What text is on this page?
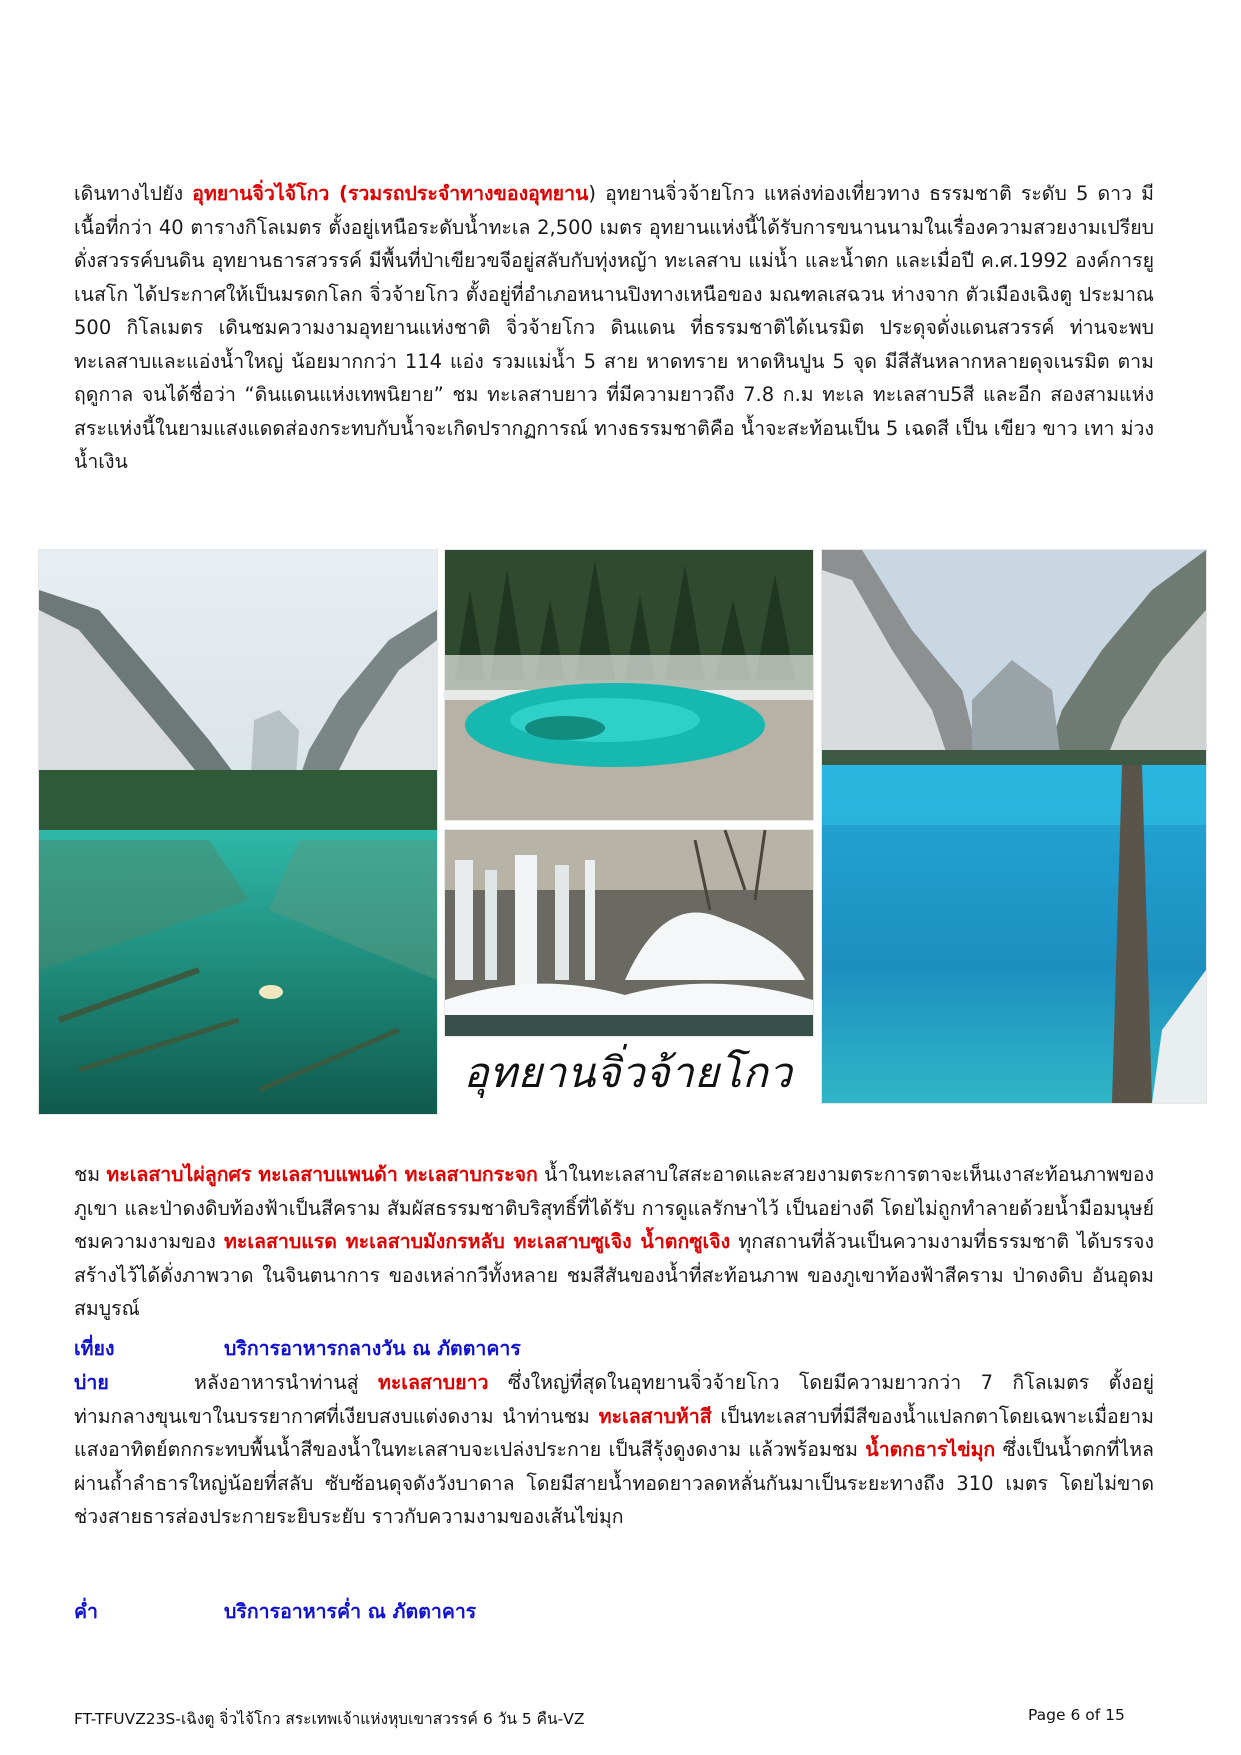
เดินทางไปยัง อุทยานจิ่วไจ้โกว (รวมรถประจำทางของอุทยาน) อุทยานจิ่วจ้ายโกว แหล่งท่องเที่ยวทาง ธรรมชาติ ระดับ 5 ดาว มีเนื้อที่กว่า 40 ตารางกิโลเมตร ตั้งอยู่เหนือระดับน้ำทะเล 2,500 เมตร อุทยานแห่งนี้ได้รับการขนานนามในเรื่องความสวยงามเปรียบดั่งสวรรค์บนดิน อุทยานธารสวรรค์ มีพื้นที่ป่าเขียวขจีอยู่สลับกับทุ่งหญ้า ทะเลสาบ แม่น้ำ และน้ำตก และเมื่อปี ค.ศ.1992 องค์การยูเนสโก ได้ประกาศให้เป็นมรดกโลก จิ่วจ้ายโกว ตั้งอยู่ที่อำเภอหนานปิงทางเหนือของ มณฑลเสฉวน ห่างจาก ตัวเมืองเฉิงตู ประมาณ 500 กิโลเมตร เดินชมความงามอุทยานแห่งชาติ จิ่วจ้ายโกว ดินแดน ที่ธรรมชาติได้เนรมิต ประดุจดั่งแดนสวรรค์ ท่านจะพบทะเลสาบและแอ่งน้ำใหญ่ น้อยมากกว่า 114 แอ่ง รวมแม่น้ำ 5 สาย หาดทราย หาดหินปูน 5 จุด มีสีสันหลากหลายดุจเนรมิต ตามฤดูกาล จนได้ชื่อว่า “ดินแดนแห่งเทพนิยาย” ชม ทะเลสาบยาว ที่มีความยาวถึง 7.8 ก.ม ทะเล ทะเลสาบ5สี และอีก สองสามแห่ง สระแห่งนี้ในยามแสงแดดส่องกระทบกับน้ำจะเกิดปรากฏการณ์ ทางธรรมชาติคือ น้ำจะสะท้อนเป็น 5 เฉดสี เป็น เขียว ขาว เทา ม่วง น้ำเงิน

อุทยานจิ่วจ้ายโกว

ชม ทะเลสาบไผ่ลูกศร ทะเลสาบแพนด้า ทะเลสาบกระจก น้ำในทะเลสาบใสสะอาดและสวยงามตระการตาจะเห็นเงาสะท้อนภาพของภูเขา และป่าดงดิบท้องฟ้าเป็นสีคราม สัมผัสธรรมชาติบริสุทธิ์ที่ได้รับ การดูแลรักษาไว้ เป็นอย่างดี โดยไม่ถูกทำลายด้วยน้ำมือมนุษย์ ชมความงามของ ทะเลสาบแรด ทะเลสาบมังกรหลับ ทะเลสาบซูเจิง น้ำตกซูเจิง ทุกสถานที่ล้วนเป็นความงามที่ธรรมชาติ ได้บรรจงสร้างไว้ได้ดั่งภาพวาด ในจินตนาการ ของเหล่ากวีทั้งหลาย ชมสีสันของน้ำที่สะท้อนภาพ ของภูเขาท้องฟ้าสีคราม ป่าดงดิบ อันอุดมสมบูรณ์

เที่ยง	บริการอาหารกลางวัน ณ ภัตตาคาร

บ่าย	หลังอาหารนำท่านสู่ ทะเลสาบยาว ซึ่งใหญ่ที่สุดในอุทยานจิ่วจ้ายโกว โดยมีความยาวกว่า 7 กิโลเมตร ตั้งอยู่ท่ามกลางขุนเขาในบรรยากาศที่เงียบสงบแต่งดงาม นำท่านชม ทะเลสาบห้าสี เป็นทะเลสาบที่มีสีของน้ำแปลกตาโดยเฉพาะเมื่อยามแสงอาทิตย์ตกกระทบพื้นน้ำสีของน้ำในทะเลสาบจะเปล่งประกาย เป็นสีรุ้งดูงดงาม แล้วพร้อมชม น้ำตกธารไข่มุก ซึ่งเป็นน้ำตกที่ไหลผ่านถ้ำลำธารใหญ่น้อยที่สลับ ซับซ้อนดุจดังวังบาดาล โดยมีสายน้ำทอดยาวลดหลั่นกันมาเป็นระยะทางถึง 310 เมตร โดยไม่ขาด ช่วงสายธารส่องประกายระยิบระยับ ราวกับความงามของเส้นไข่มุก

ค่ำ	บริการอาหารค่ำ ณ ภัตตาคาร
FT-TFUVZ23S-เฉิงตู จิ่วไจ้โกว สระเทพเจ้าแห่งหุบเขาสวรรค์ 6 วัน 5 คืน-VZ	Page 6 of 15
